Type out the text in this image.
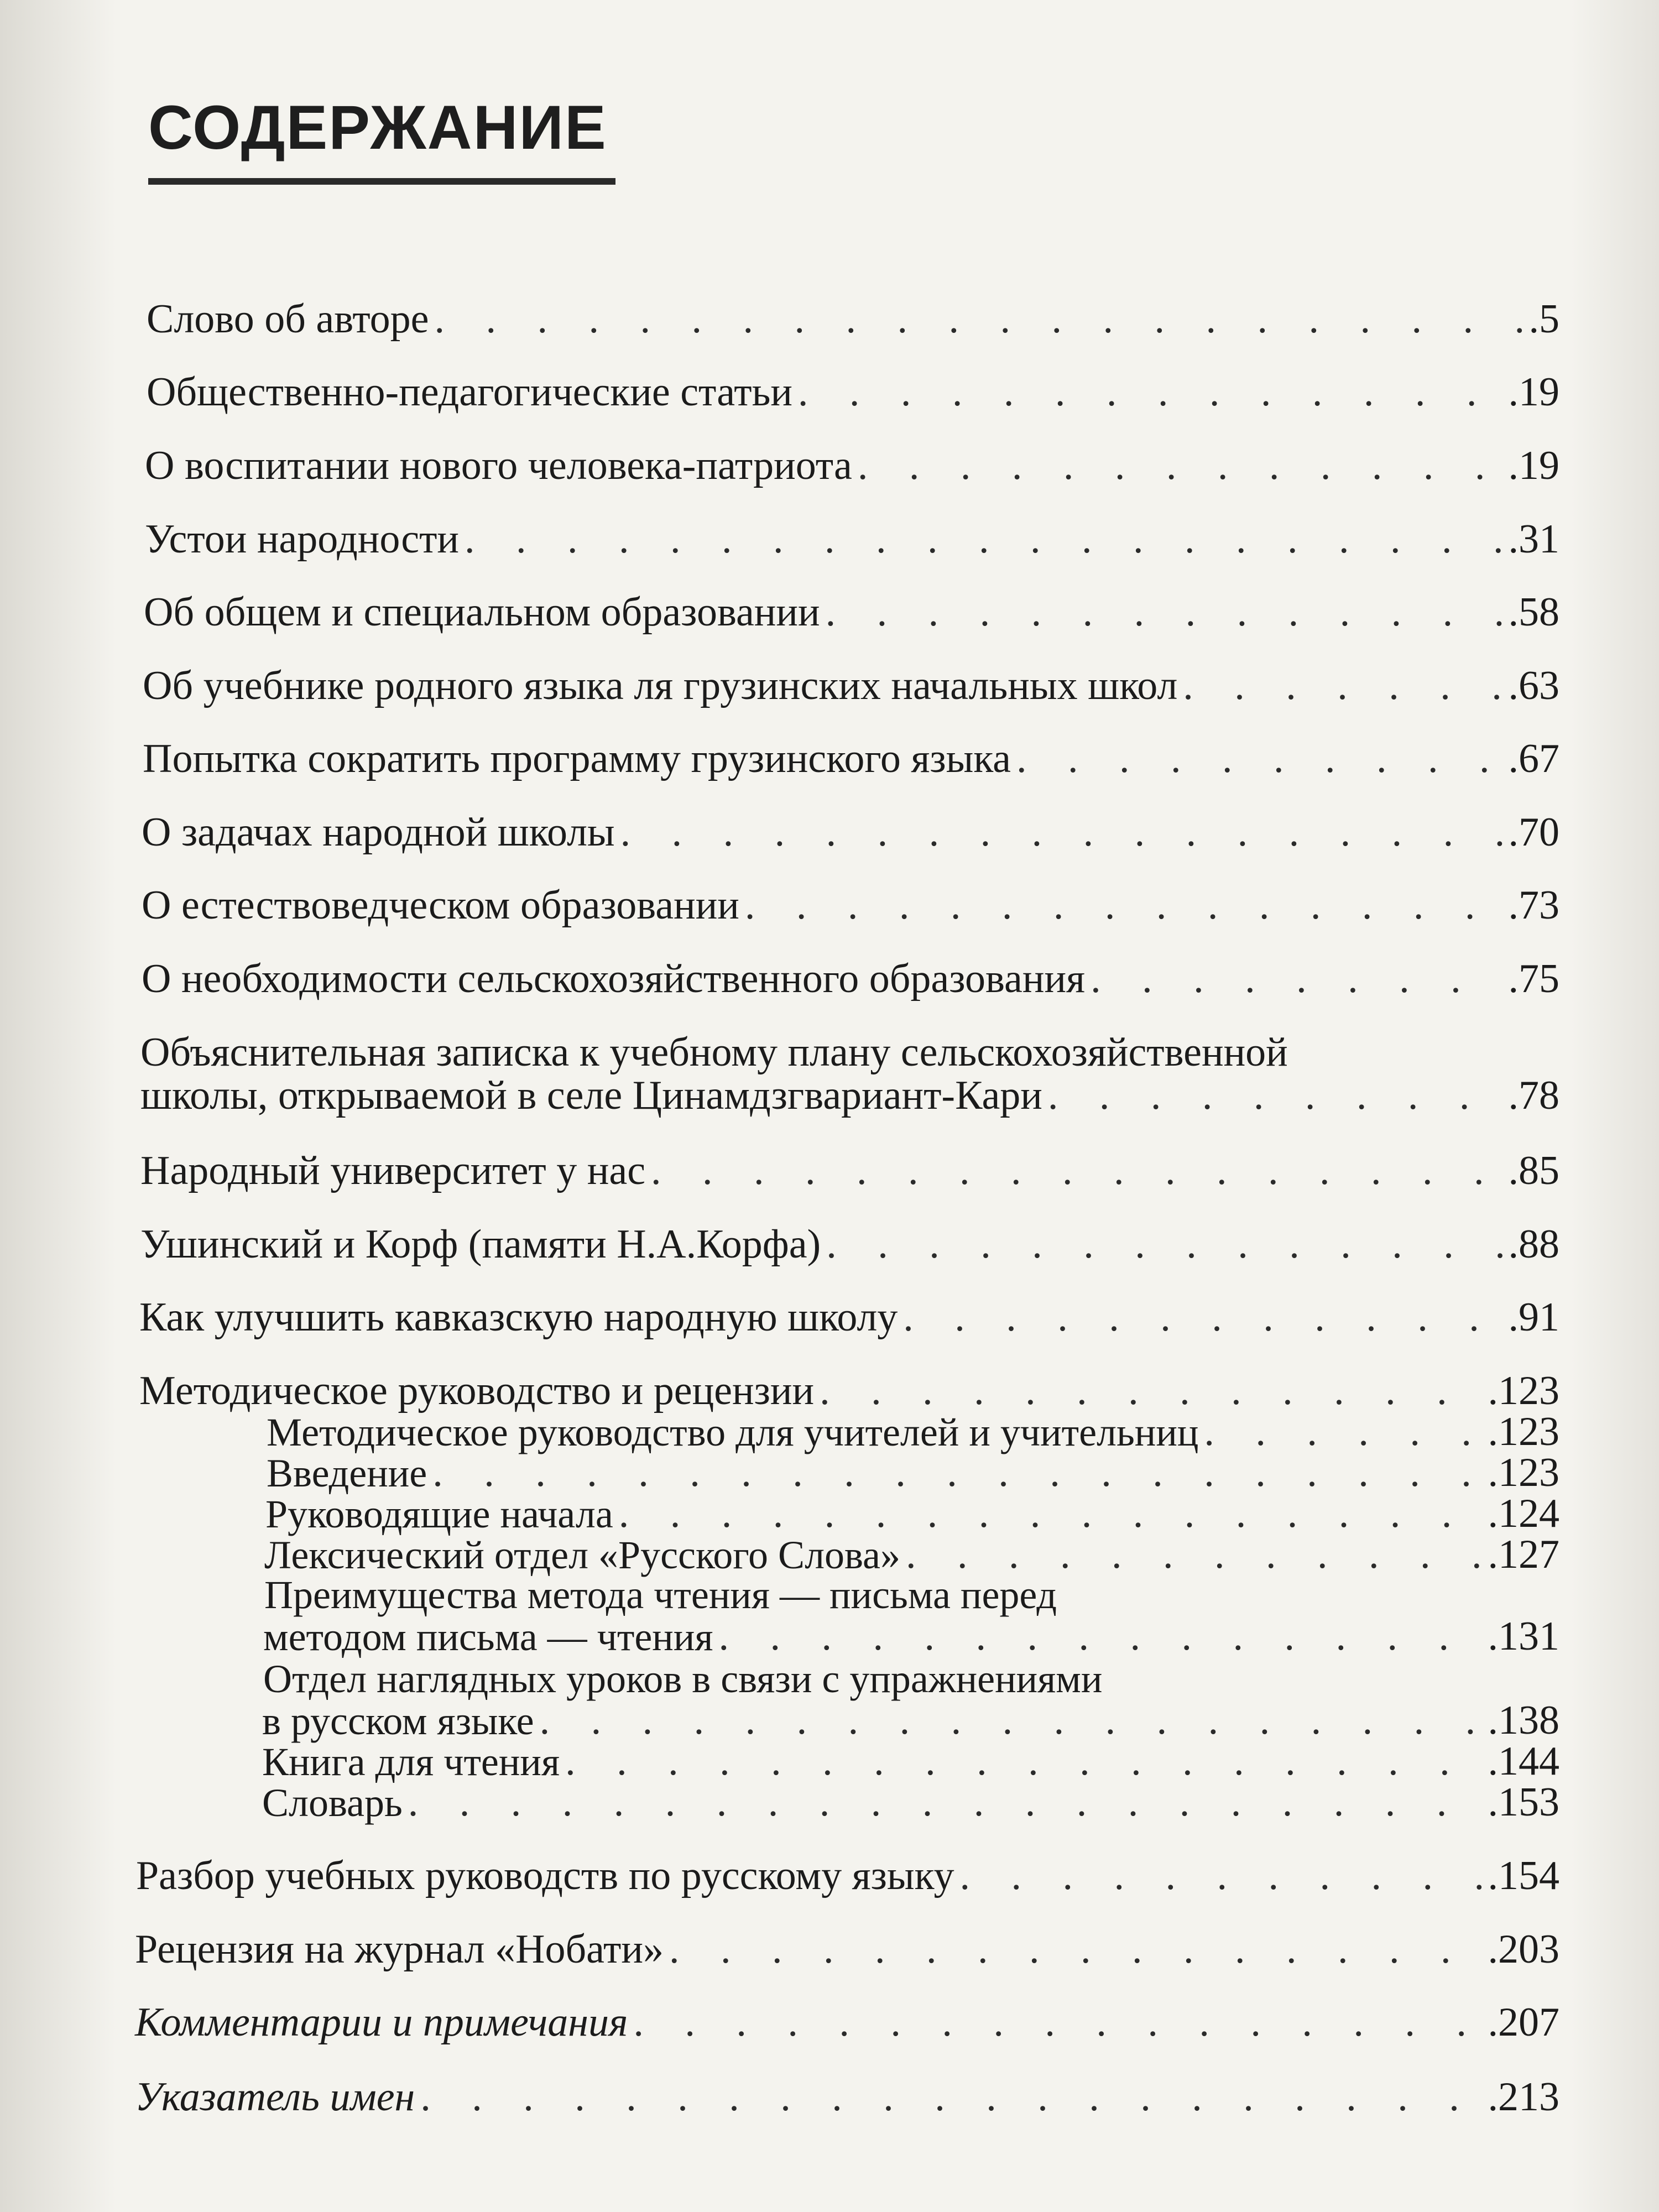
СОДЕРЖАНИЕ
Слово об авторе . . .	.5
Общественно-педагогические статьи . . .	.19
О воспитании нового человека-патриота . . .	.19
Устои народности . . .	.31
Об общем и специальном образовании . . .	.58
Об учебнике родного языка ля грузинских начальных школ . . .	.63
Попытка сократить программу грузинского языка . . .	.67
О задачах народной школы . . .	.70
О естествоведческом образовании . . .	.73
О необходимости сельскохозяйственного образования . . .	.75
Объяснительная записка к учебному плану сельскохозяйственной
школы, открываемой в селе Цинамдзгвариант-Кари . . .	.78
Народный университет у нас . . .	.85
Ушинский и Корф (памяти Н.А.Корфа) . . .	.88
Как улучшить кавказскую народную школу . . .	.91
Методическое руководство и рецензии . . .	.123
Методическое руководство для учителей и учительниц . . .	.123
Введение . . .	.123
Руководящие начала . . .	.124
Лексический отдел «Русского Слова» . . .	.127
Преимущества метода чтения — письма перед
методом письма — чтения . . .	.131
Отдел наглядных уроков в связи с упражнениями
в русском языке . . .	.138
Книга для чтения . . .	.144
Словарь . . .	.153
Разбор учебных руководств по русскому языку . . .	.154
Рецензия на журнал «Нобати» . . .	.203
Комментарии и примечания . . .	.207
Указатель имен . . .	.213
